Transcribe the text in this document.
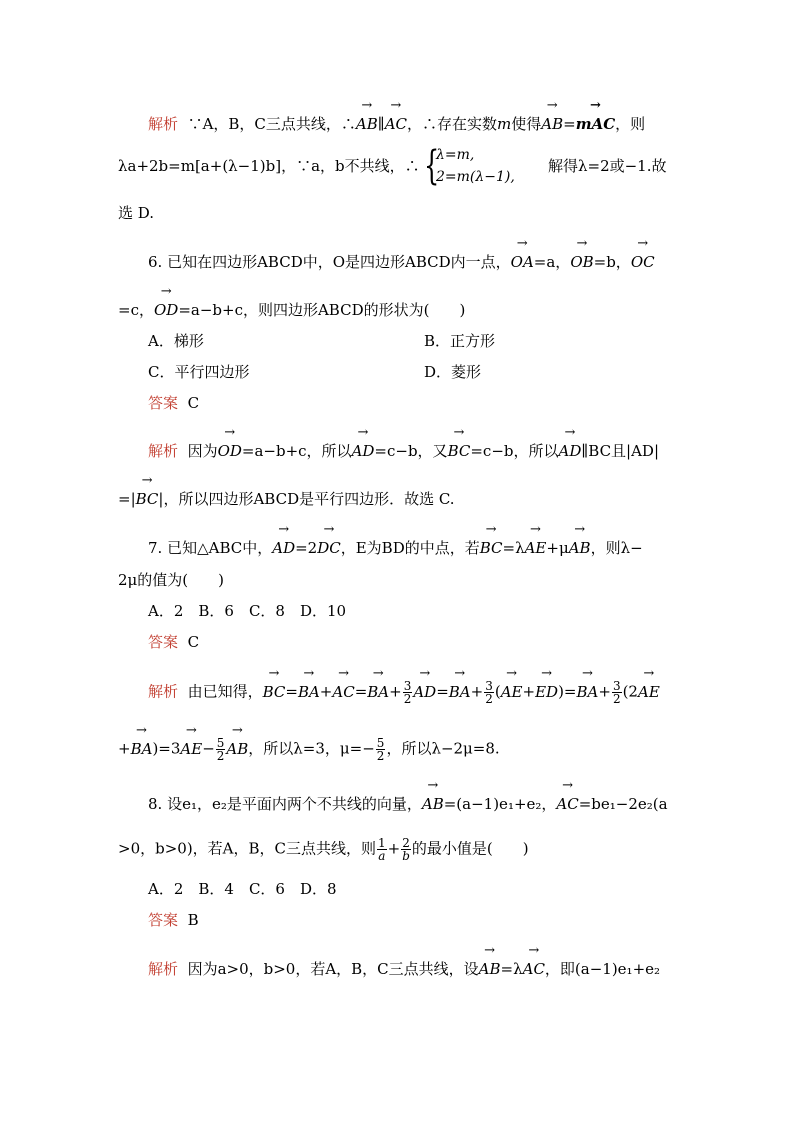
解析 ∵A，B，C三点共线，∴→ AB∥→ AC，∴存在实数m使得→ AB=→ mAC，则
λa+2b=m[a+(λ−1)b]，∵a，b不共线，∴ {
λ=m,
2=m(λ−1),
解得λ=2或−1.故
选 D.
6. 已知在四边形ABCD中，O是四边形ABCD内一点，→ OA=a，→ OB=b，→ OC
=c，→ OD=a−b+c，则四边形ABCD的形状为(　　)
A．梯形	B．正方形
C．平行四边形	D．菱形
答案 C
解析 因为→ OD=a−b+c，所以→ AD=c−b，又→ BC=c−b，所以→ AD∥BC且|AD|
=|→ BC|，所以四边形ABCD是平行四边形．故选 C.
7. 已知△ABC中，→ AD=2→ DC，E为BD的中点，若→ BC=λ→ AE+μ→ AB，则λ−
2μ的值为(　　)
A．2　B．6　C．8　D．10
答案 C
解析 由已知得，→ $BC=\to BA+\to AC=\to BA+ \frac{3}{2}$
→ $AD=\to BA+ \frac{3}{2}$ (→ $AE+\to ED)=\to BA+ \frac{3}{2} (2\to$ AE
+→ $BA)=3\to AE- \frac{5}{2}$
→ AB，所以λ=3，$\mu=- \frac{5}{2}$ ，所以λ−2μ=8.
8. 设e₁，e₂是平面内两个不共线的向量，→ AB=(a−1)e₁+e₂，→ AC=be₁−2e₂(a
>0，b>0)，若A，B，C三点共线，则 $\frac{1}{a} + \frac{2}{b}$ 的最小值是(　　)
A．2　B．4　C．6　D．8
答案 B
解析 因为a>0，b>0，若A，B，C三点共线，设→ AB=λ→ AC，即(a−1)e₁+e₂
